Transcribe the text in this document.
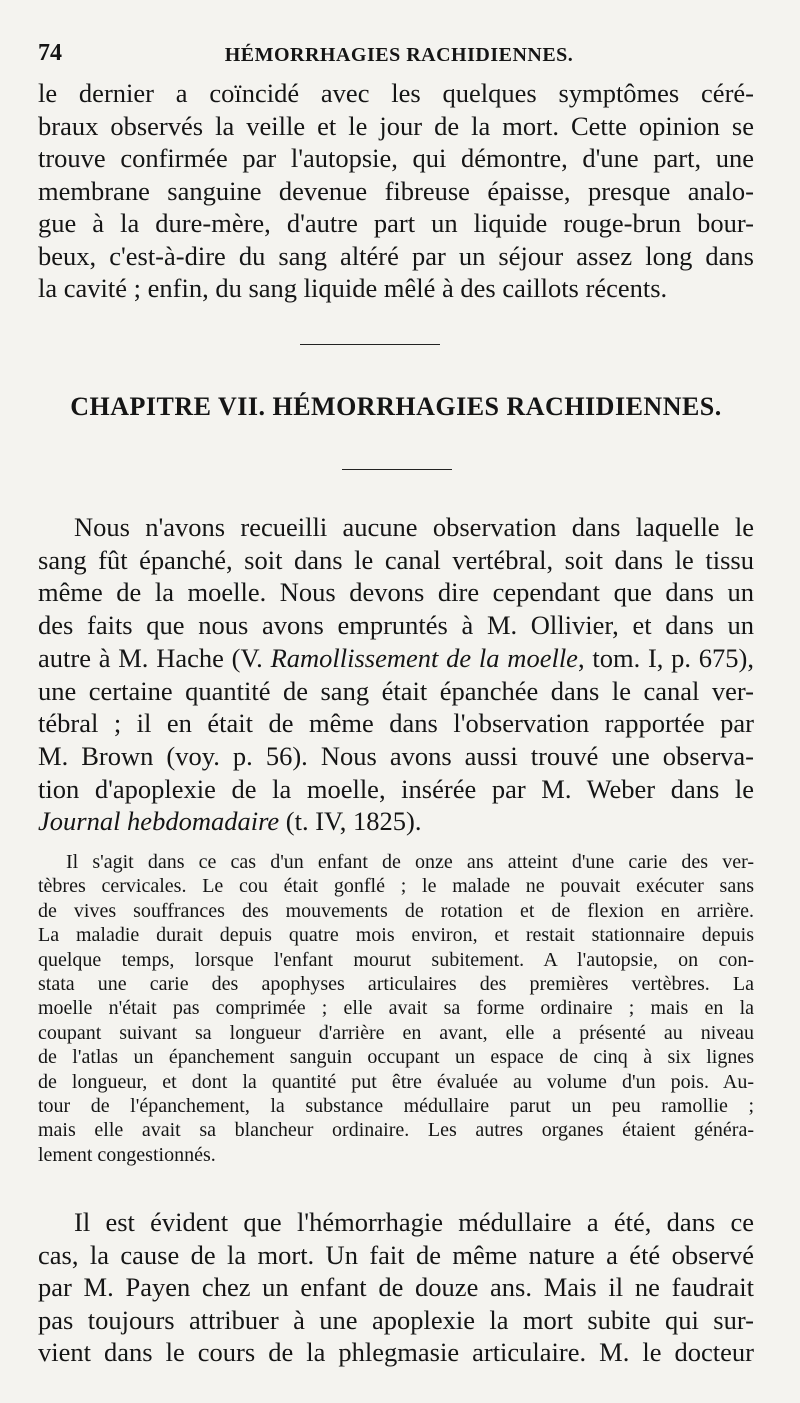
74	HÉMORRHAGIES RACHIDIENNES.
le dernier a coïncidé avec les quelques symptômes céré-
braux observés la veille et le jour de la mort. Cette opinion se
trouve confirmée par l'autopsie, qui démontre, d'une part, une
membrane sanguine devenue fibreuse épaisse, presque analo-
gue à la dure-mère, d'autre part un liquide rouge-brun bour-
beux, c'est-à-dire du sang altéré par un séjour assez long dans
la cavité ; enfin, du sang liquide mêlé à des caillots récents.
CHAPITRE VII. HÉMORRHAGIES RACHIDIENNES.
Nous n'avons recueilli aucune observation dans laquelle le
sang fût épanché, soit dans le canal vertébral, soit dans le tissu
même de la moelle. Nous devons dire cependant que dans un
des faits que nous avons empruntés à M. Ollivier, et dans un
autre à M. Hache (V. Ramollissement de la moelle, tom. I, p. 675),
une certaine quantité de sang était épanchée dans le canal ver-
tébral ; il en était de même dans l'observation rapportée par
M. Brown (voy. p. 56). Nous avons aussi trouvé une observa-
tion d'apoplexie de la moelle, insérée par M. Weber dans le
Journal hebdomadaire (t. IV, 1825).
Il s'agit dans ce cas d'un enfant de onze ans atteint d'une carie des ver-
tèbres cervicales. Le cou était gonflé ; le malade ne pouvait exécuter sans
de vives souffrances des mouvements de rotation et de flexion en arrière.
La maladie durait depuis quatre mois environ, et restait stationnaire depuis
quelque temps, lorsque l'enfant mourut subitement. A l'autopsie, on con-
stata une carie des apophyses articulaires des premières vertèbres. La
moelle n'était pas comprimée ; elle avait sa forme ordinaire ; mais en la
coupant suivant sa longueur d'arrière en avant, elle a présenté au niveau
de l'atlas un épanchement sanguin occupant un espace de cinq à six lignes
de longueur, et dont la quantité put être évaluée au volume d'un pois. Au-
tour de l'épanchement, la substance médullaire parut un peu ramollie ;
mais elle avait sa blancheur ordinaire. Les autres organes étaient généra-
lement congestionnés.
Il est évident que l'hémorrhagie médullaire a été, dans ce
cas, la cause de la mort. Un fait de même nature a été observé
par M. Payen chez un enfant de douze ans. Mais il ne faudrait
pas toujours attribuer à une apoplexie la mort subite qui sur-
vient dans le cours de la phlegmasie articulaire. M. le docteur
